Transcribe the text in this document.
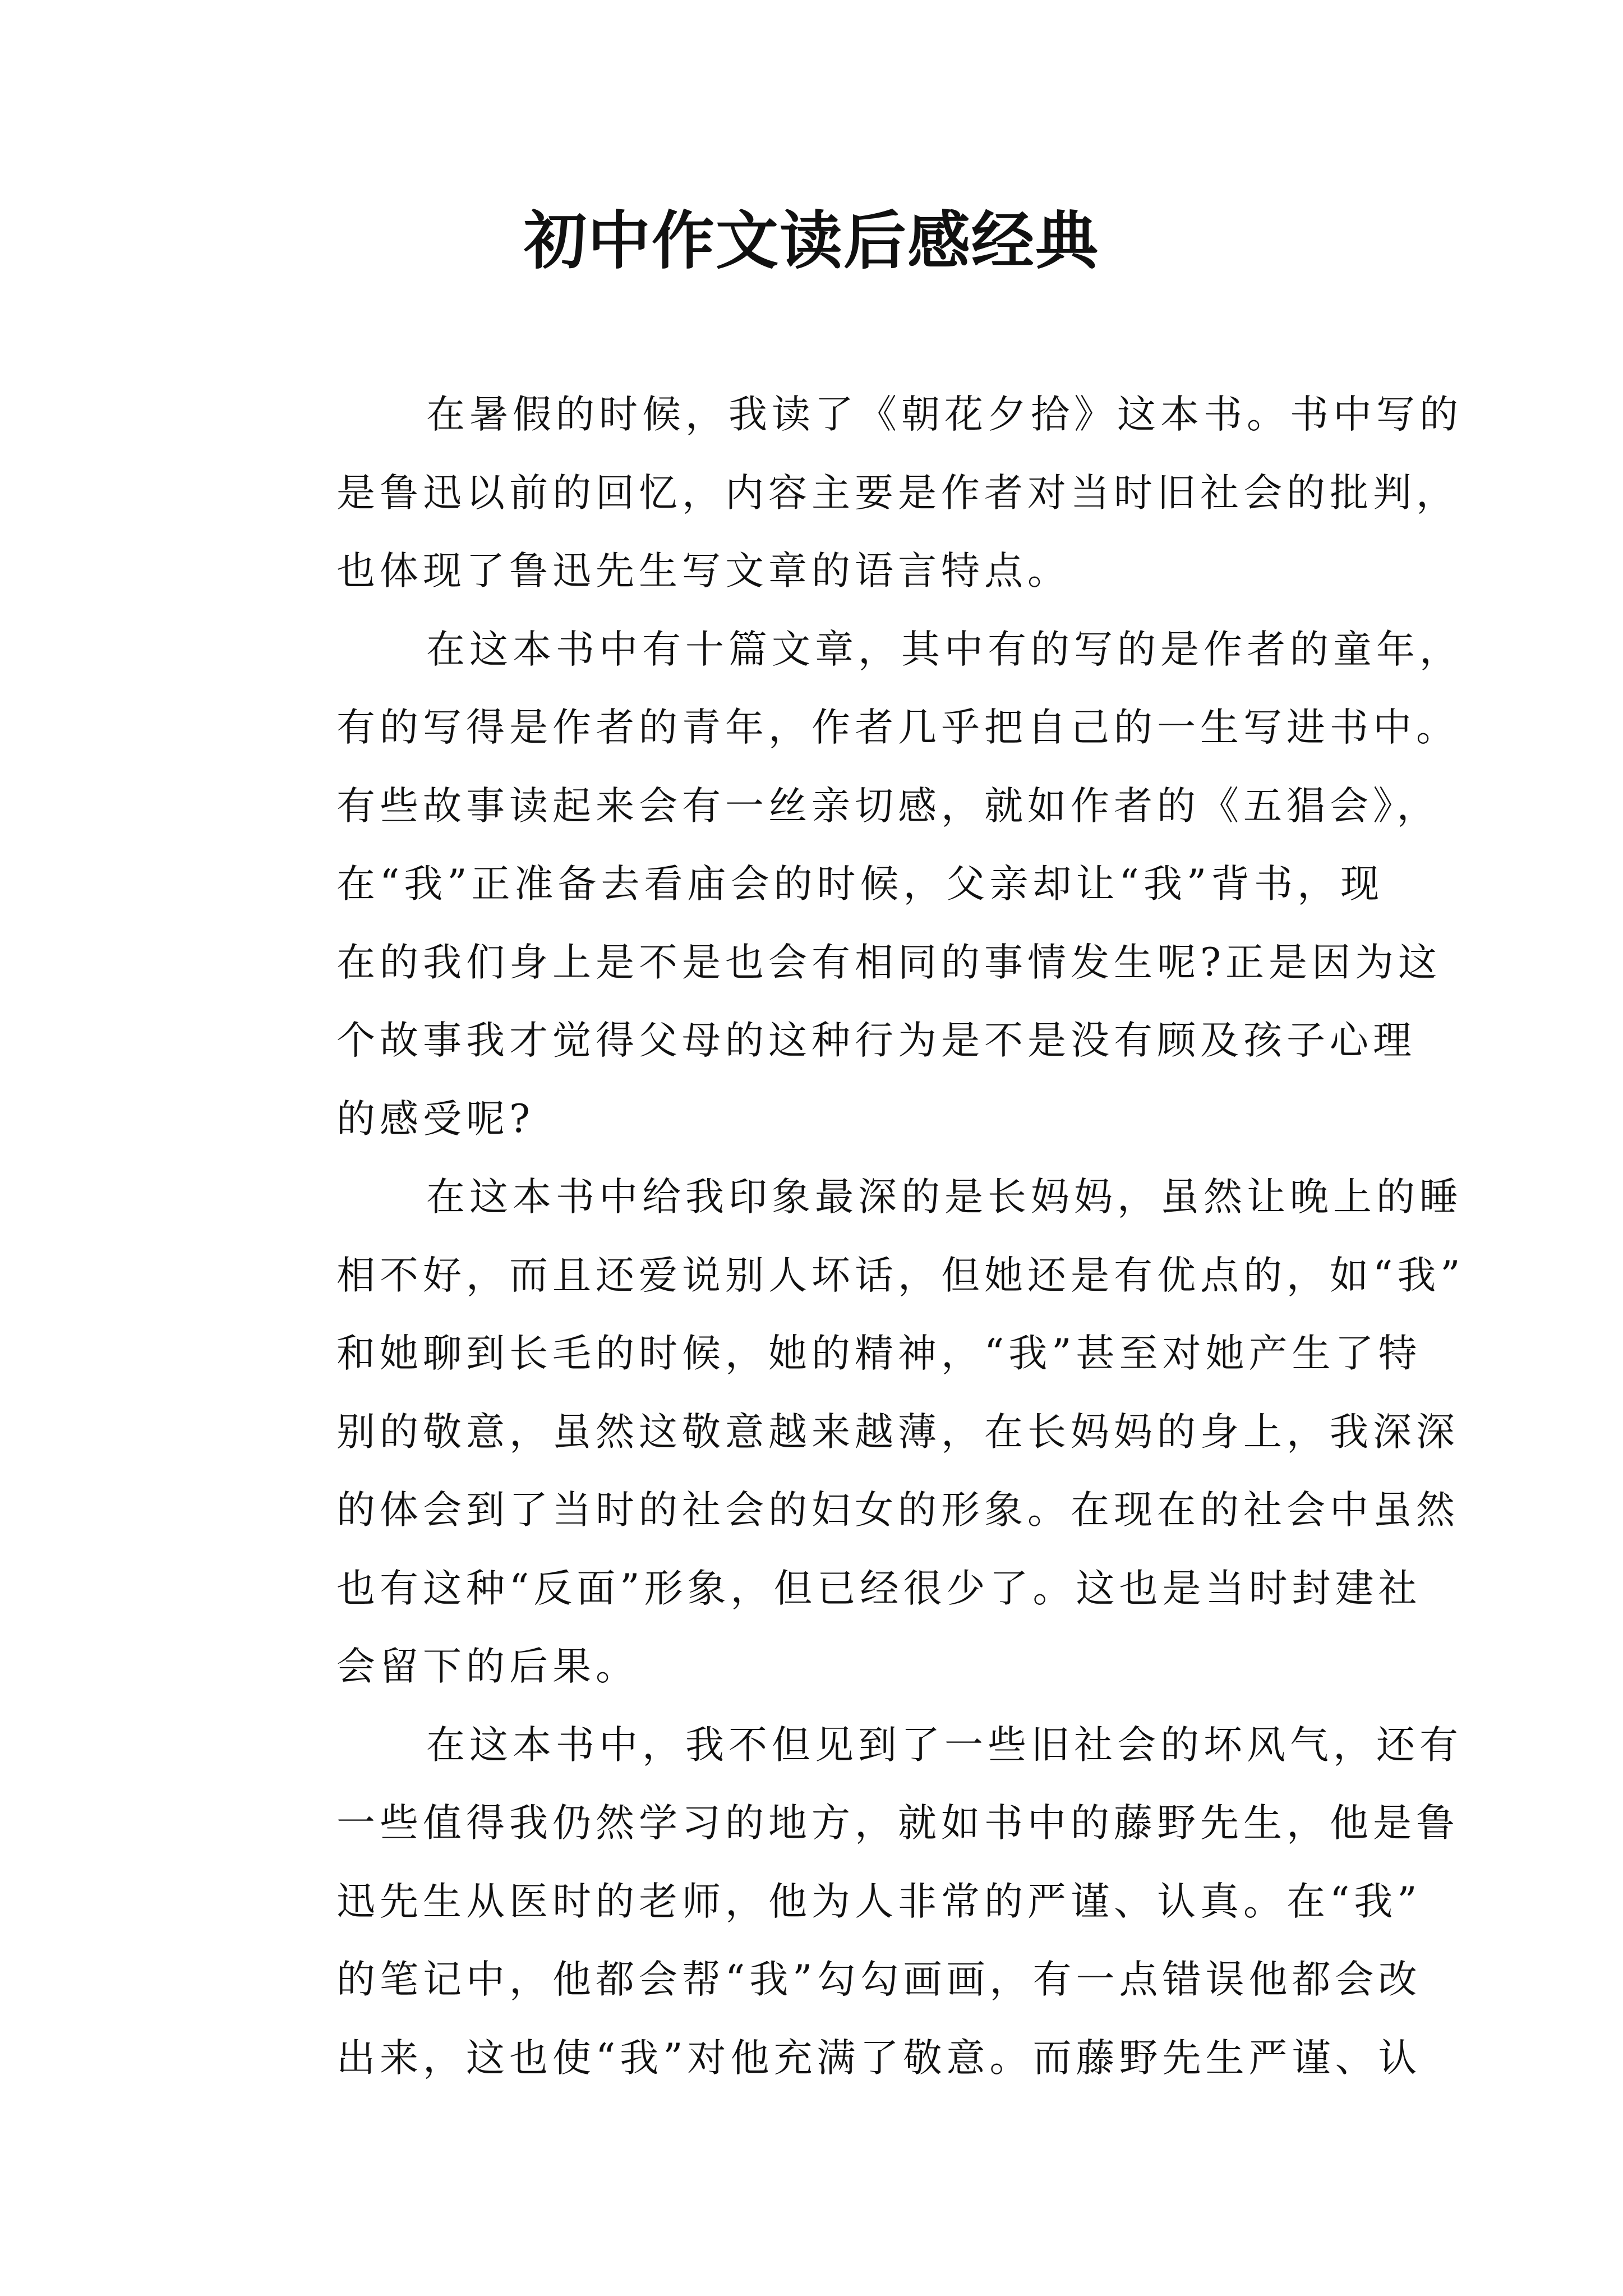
初中作文读后感经典
在暑假的时候，我读了《朝花夕拾》这本书。书中写的
是鲁迅以前的回忆，内容主要是作者对当时旧社会的批判，
也体现了鲁迅先生写文章的语言特点。
在这本书中有十篇文章，其中有的写的是作者的童年，
有的写得是作者的青年，作者几乎把自己的一生写进书中。
有些故事读起来会有一丝亲切感，就如作者的《五猖会》，
在“我”正准备去看庙会的时候，父亲却让“我”背书，现
在的我们身上是不是也会有相同的事情发生呢?正是因为这
个故事我才觉得父母的这种行为是不是没有顾及孩子心理
的感受呢?
在这本书中给我印象最深的是长妈妈，虽然让晚上的睡
相不好，而且还爱说别人坏话，但她还是有优点的，如“我”
和她聊到长毛的时候，她的精神，“我”甚至对她产生了特
别的敬意，虽然这敬意越来越薄，在长妈妈的身上，我深深
的体会到了当时的社会的妇女的形象。在现在的社会中虽然
也有这种“反面”形象，但已经很少了。这也是当时封建社
会留下的后果。
在这本书中，我不但见到了一些旧社会的坏风气，还有
一些值得我仍然学习的地方，就如书中的藤野先生，他是鲁
迅先生从医时的老师，他为人非常的严谨、认真。在“我”
的笔记中，他都会帮“我”勾勾画画，有一点错误他都会改
出来，这也使“我”对他充满了敬意。而藤野先生严谨、认
